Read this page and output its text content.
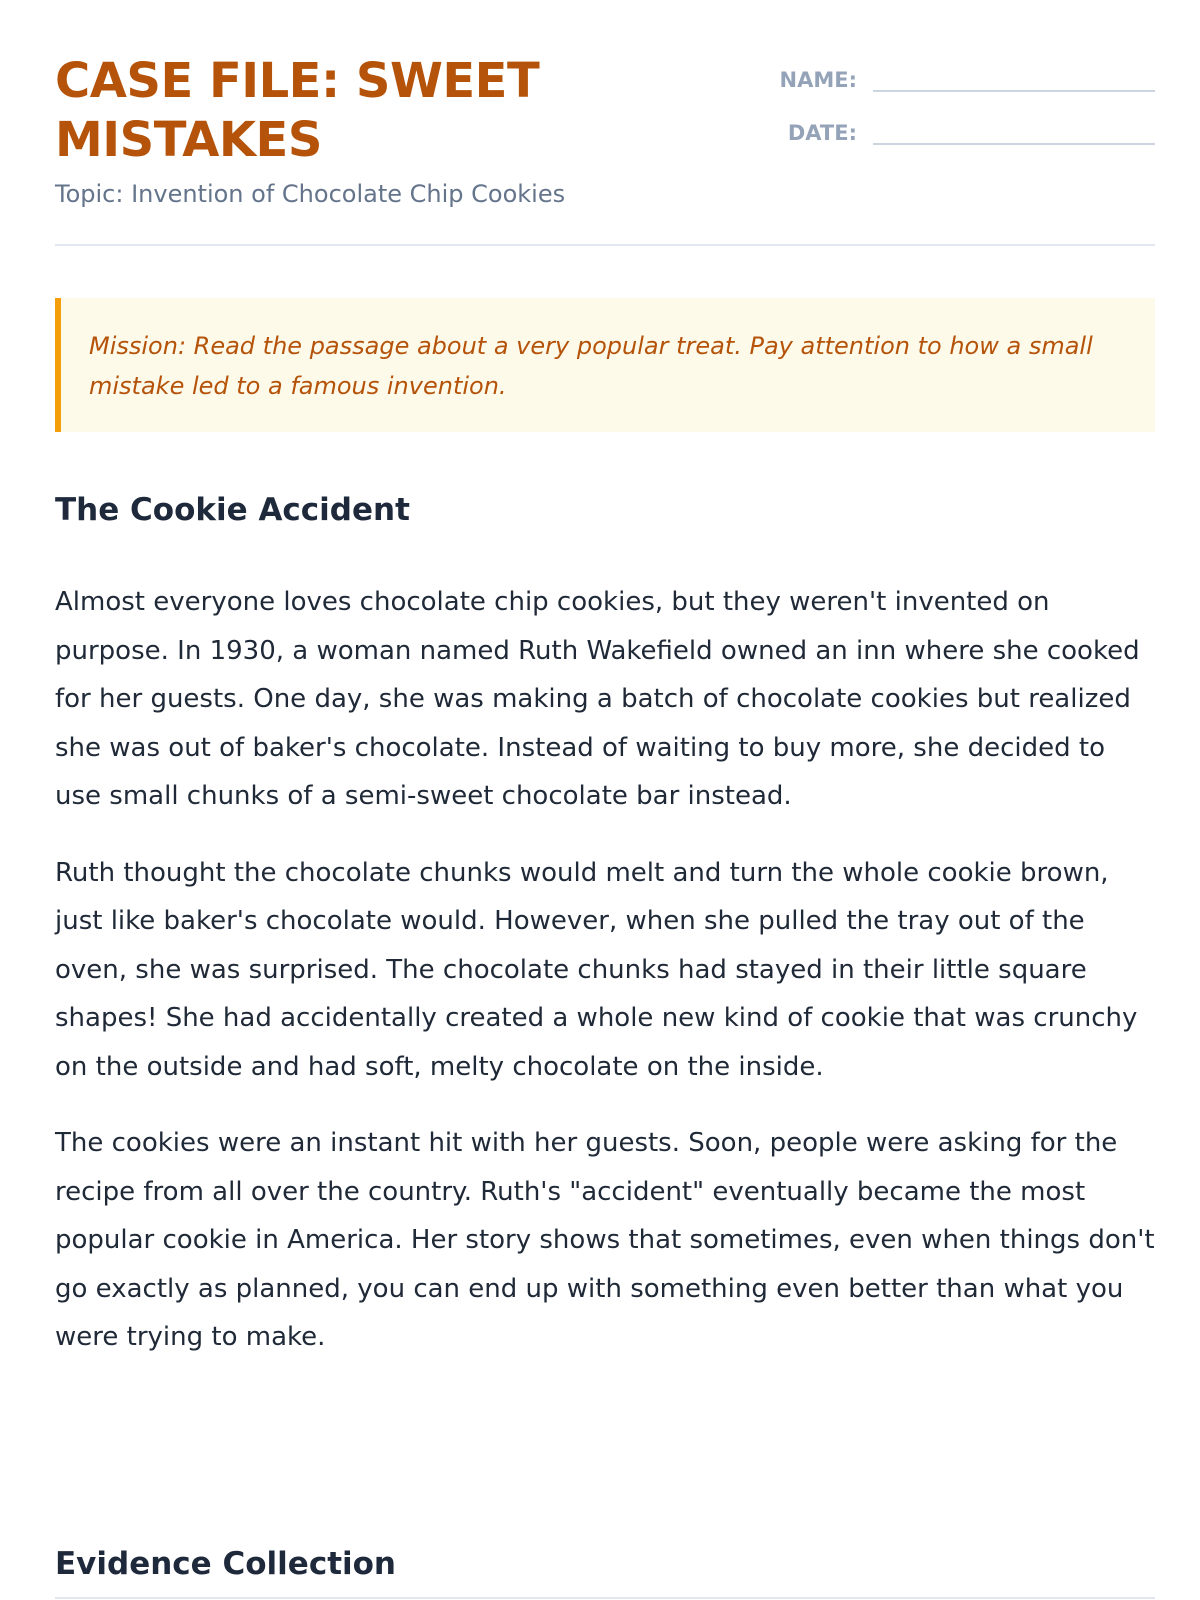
CASE FILE: SWEET MISTAKES

Topic: Invention of Chocolate Chip Cookies

NAME:
DATE:
Mission: Read the passage about a very popular treat. Pay attention to how a small mistake led to a famous invention.
The Cookie Accident

Almost everyone loves chocolate chip cookies, but they weren't invented on purpose. In 1930, a woman named Ruth Wakefield owned an inn where she cooked for her guests. One day, she was making a batch of chocolate cookies but realized she was out of baker's chocolate. Instead of waiting to buy more, she decided to use small chunks of a semi-sweet chocolate bar instead.

Ruth thought the chocolate chunks would melt and turn the whole cookie brown, just like baker's chocolate would. However, when she pulled the tray out of the oven, she was surprised. The chocolate chunks had stayed in their little square shapes! She had accidentally created a whole new kind of cookie that was crunchy on the outside and had soft, melty chocolate on the inside.

The cookies were an instant hit with her guests. Soon, people were asking for the recipe from all over the country. Ruth's "accident" eventually became the most popular cookie in America. Her story shows that sometimes, even when things don't go exactly as planned, you can end up with something even better than what you were trying to make.

Evidence Collection
